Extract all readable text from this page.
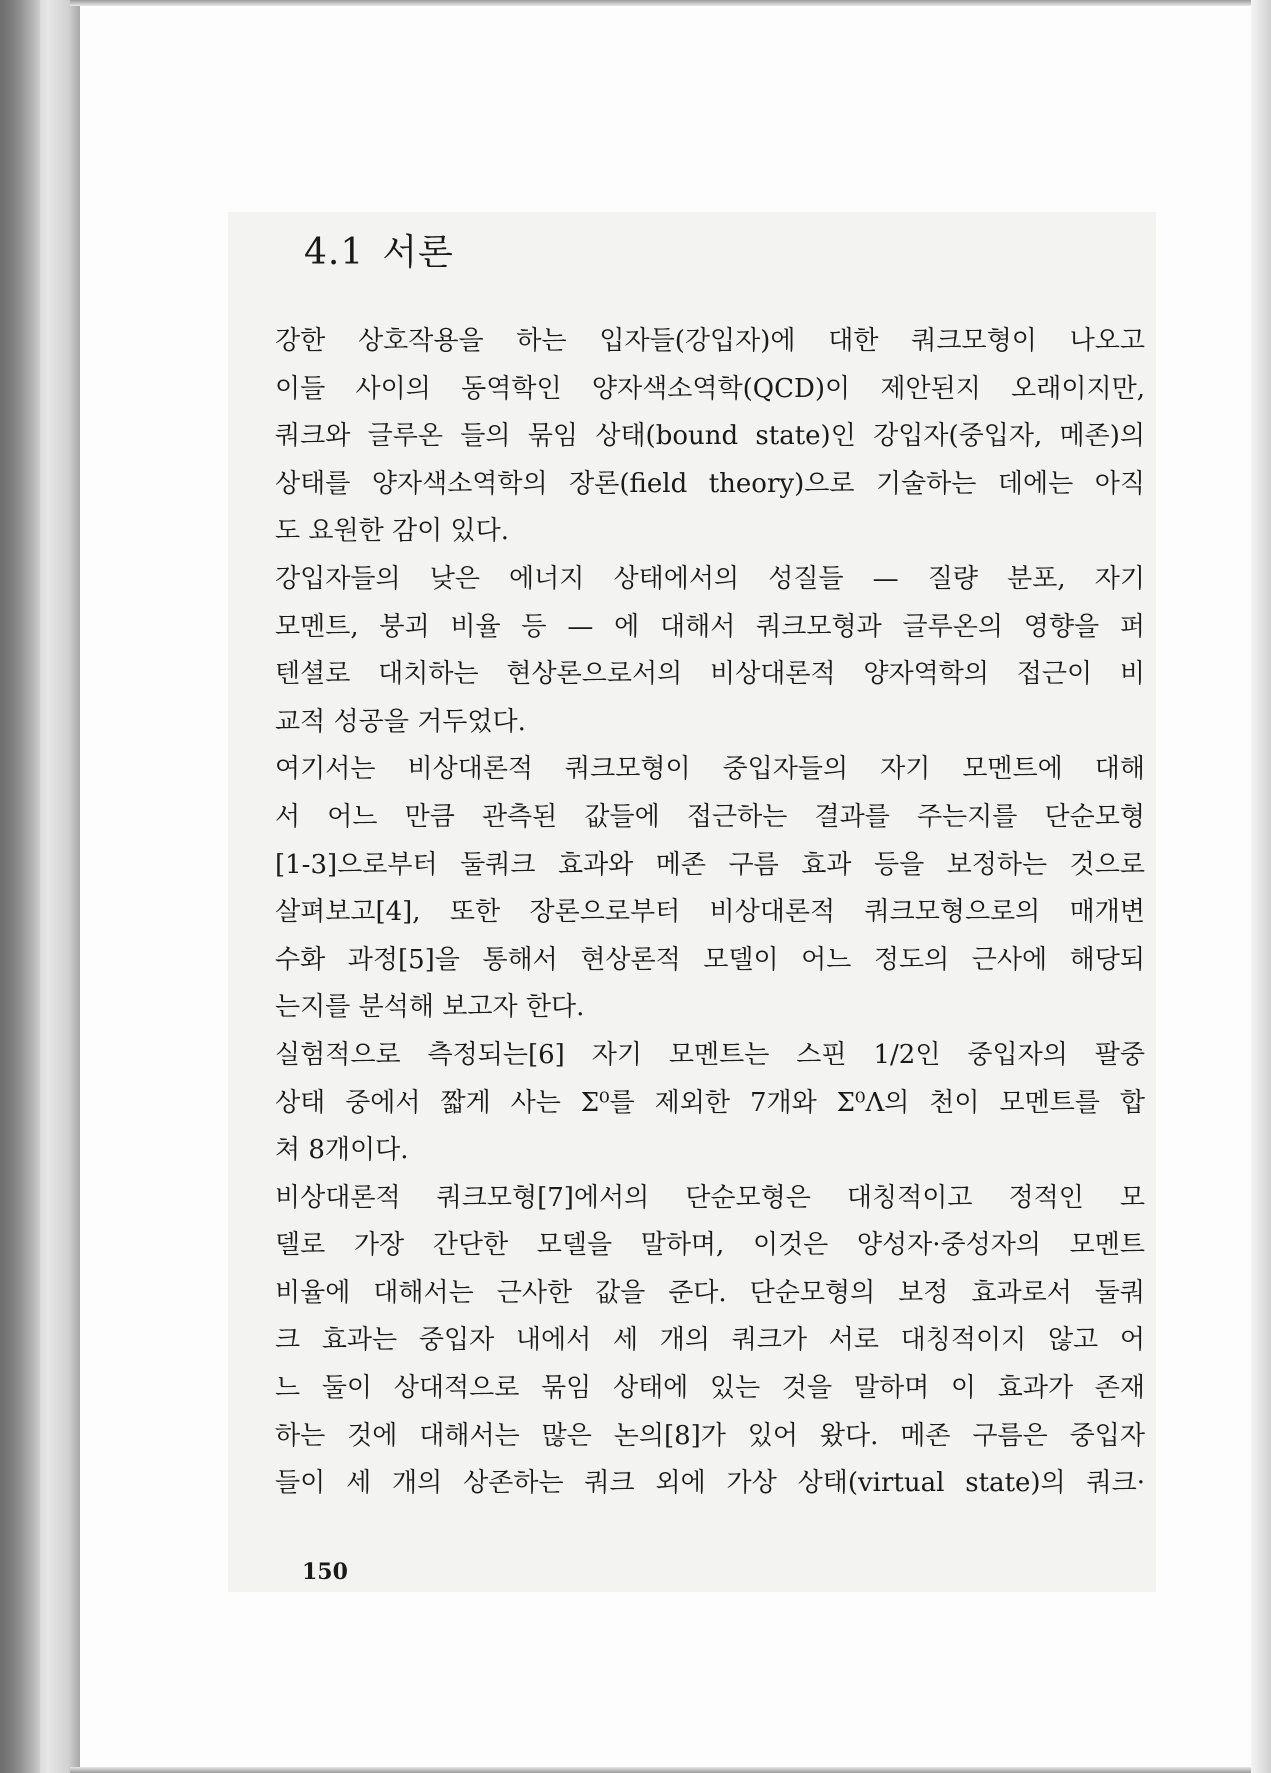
4.1 서론
강한 상호작용을 하는 입자들(강입자)에 대한 쿼크모형이 나오고
이들 사이의 동역학인 양자색소역학(QCD)이 제안된지 오래이지만,
쿼크와 글루온 들의 묶임 상태(bound state)인 강입자(중입자, 메존)의
상태를 양자색소역학의 장론(field theory)으로 기술하는 데에는 아직
도 요원한 감이 있다.
강입자들의 낮은 에너지 상태에서의 성질들 — 질량 분포, 자기
모멘트, 붕괴 비율 등 — 에 대해서 쿼크모형과 글루온의 영향을 퍼
텐셜로 대치하는 현상론으로서의 비상대론적 양자역학의 접근이 비
교적 성공을 거두었다.
여기서는 비상대론적 쿼크모형이 중입자들의 자기 모멘트에 대해
서 어느 만큼 관측된 값들에 접근하는 결과를 주는지를 단순모형
[1-3]으로부터 둘쿼크 효과와 메존 구름 효과 등을 보정하는 것으로
살펴보고[4], 또한 장론으로부터 비상대론적 쿼크모형으로의 매개변
수화 과정[5]을 통해서 현상론적 모델이 어느 정도의 근사에 해당되
는지를 분석해 보고자 한다.
실험적으로 측정되는[6] 자기 모멘트는 스핀 1/2인 중입자의 팔중
상태 중에서 짧게 사는 Σ⁰를 제외한 7개와 Σ⁰Λ의 천이 모멘트를 합
쳐 8개이다.
비상대론적 쿼크모형[7]에서의 단순모형은 대칭적이고 정적인 모
델로 가장 간단한 모델을 말하며, 이것은 양성자·중성자의 모멘트
비율에 대해서는 근사한 값을 준다. 단순모형의 보정 효과로서 둘쿼
크 효과는 중입자 내에서 세 개의 쿼크가 서로 대칭적이지 않고 어
느 둘이 상대적으로 묶임 상태에 있는 것을 말하며 이 효과가 존재
하는 것에 대해서는 많은 논의[8]가 있어 왔다. 메존 구름은 중입자
들이 세 개의 상존하는 쿼크 외에 가상 상태(virtual state)의 쿼크·
150
